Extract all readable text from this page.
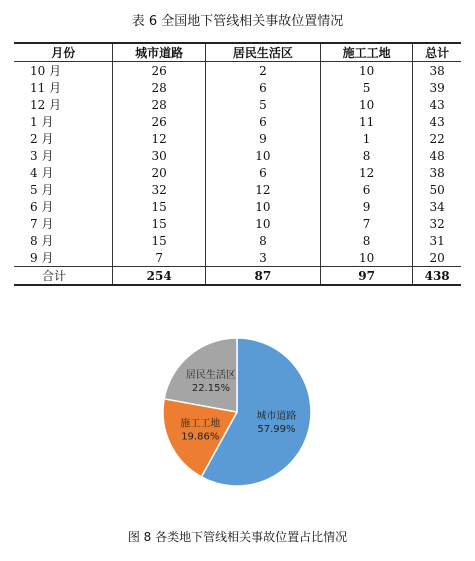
表 6 全国地下管线相关事故位置情况
月份	城市道路	居民生活区	施工工地	总计
10 月	26	2	10	38
11 月	28	6	5	39
12 月	28	5	10	43
1 月	26	6	11	43
2 月	12	9	1	22
3 月	30	10	8	48
4 月	20	6	12	38
5 月	32	12	6	50
6 月	15	10	9	34
7 月	15	10	7	32
8 月	15	8	8	31
9 月	7	3	10	20
合计	254	87	97	438
城市道路
57.99%
施工工地
19.86%
居民生活区
22.15%
图 8 各类地下管线相关事故位置占比情况
